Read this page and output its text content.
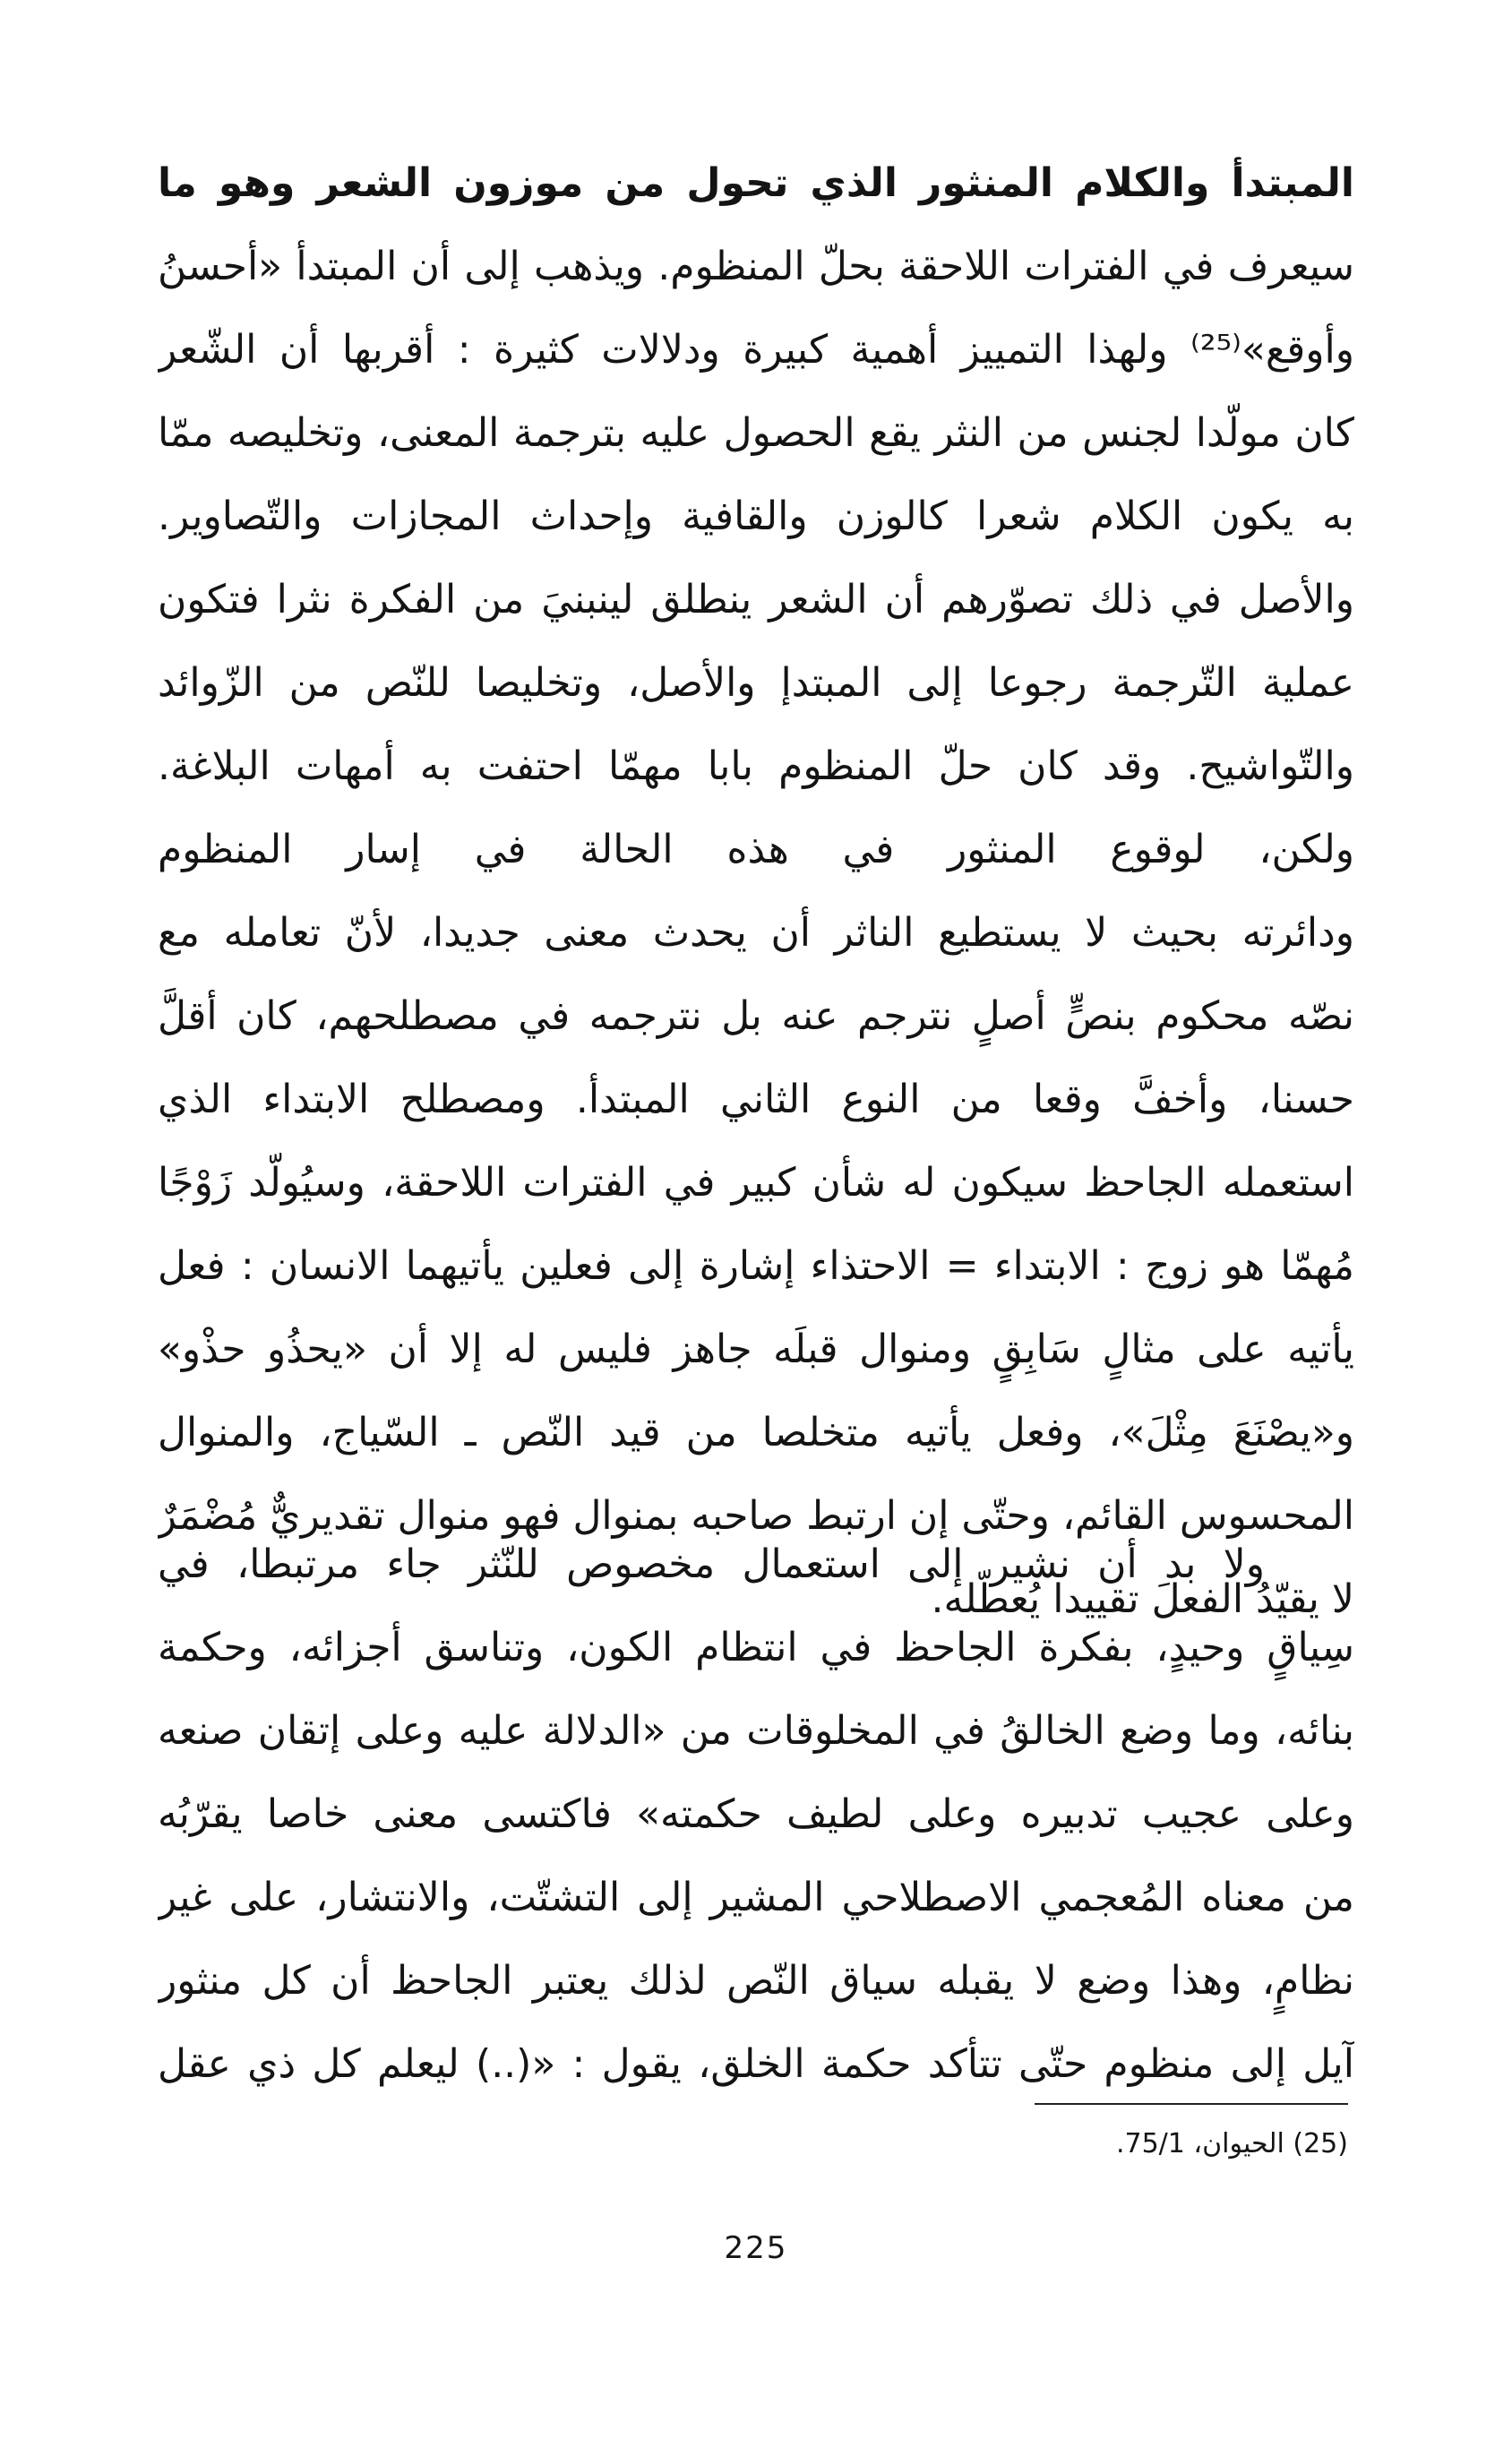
المبتدأ والكلام المنثور الذي تحول من موزون الشعر وهو ما
سيعرف في الفترات اللاحقة بحلّ المنظوم. ويذهب إلى أن المبتدأ «أحسنُ
وأوقع»⁽²⁵⁾ ولهذا التمييز أهمية كبيرة ودلالات كثيرة : أقربها أن الشّعر
كان مولّدا لجنس من النثر يقع الحصول عليه بترجمة المعنى، وتخليصه ممّا
به يكون الكلام شعرا كالوزن والقافية وإحداث المجازات والتّصاوير.
والأصل في ذلك تصوّرهم أن الشعر ينطلق لينبنيَ من الفكرة نثرا فتكون
عملية التّرجمة رجوعا إلى المبتدإ والأصل، وتخليصا للنّص من الزّوائد
والتّواشيح. وقد كان حلّ المنظوم بابا مهمّا احتفت به أمهات البلاغة.
ولكن، لوقوع المنثور في هذه الحالة في إسار المنظوم
ودائرته بحيث لا يستطيع الناثر أن يحدث معنى جديدا، لأنّ تعامله مع
نصّه محكوم بنصٍّ أصلٍ نترجم عنه بل نترجمه في مصطلحهم، كان أقلَّ
حسنا، وأخفَّ وقعا من النوع الثاني المبتدأ. ومصطلح الابتداء الذي
استعمله الجاحظ سيكون له شأن كبير في الفترات اللاحقة، وسيُولّد زَوْجًا
مُهمّا هو زوج : الابتداء = الاحتذاء إشارة إلى فعلين يأتيهما الانسان : فعل
يأتيه على مثالٍ سَابِقٍ ومنوال قبلَه جاهز فليس له إلا أن «يحذُو حذْو»
و«يصْنَعَ مِثْلَ»، وفعل يأتيه متخلصا من قيد النّص ـ السّياج، والمنوال
المحسوس القائم، وحتّى إن ارتبط صاحبه بمنوال فهو منوال تقديريٌّ مُضْمَرٌ
لا يقيّدُ الفعلَ تقييدا يُعطّله.
ولا بد أن نشير إلى استعمال مخصوص للنّثر جاء مرتبطا، في
سِياقٍ وحيدٍ، بفكرة الجاحظ في انتظام الكون، وتناسق أجزائه، وحكمة
بنائه، وما وضع الخالقُ في المخلوقات من «الدلالة عليه وعلى إتقان صنعه
وعلى عجيب تدبيره وعلى لطيف حكمته» فاكتسى معنى خاصا يقرّبُه
من معناه المُعجمي الاصطلاحي المشير إلى التشتّت، والانتشار، على غير
نظامٍ، وهذا وضع لا يقبله سياق النّص لذلك يعتبر الجاحظ أن كل منثور
آيل إلى منظوم حتّى تتأكد حكمة الخلق، يقول : «(..) ليعلم كل ذي عقل
(25) الحيوان، 75/1.
225
